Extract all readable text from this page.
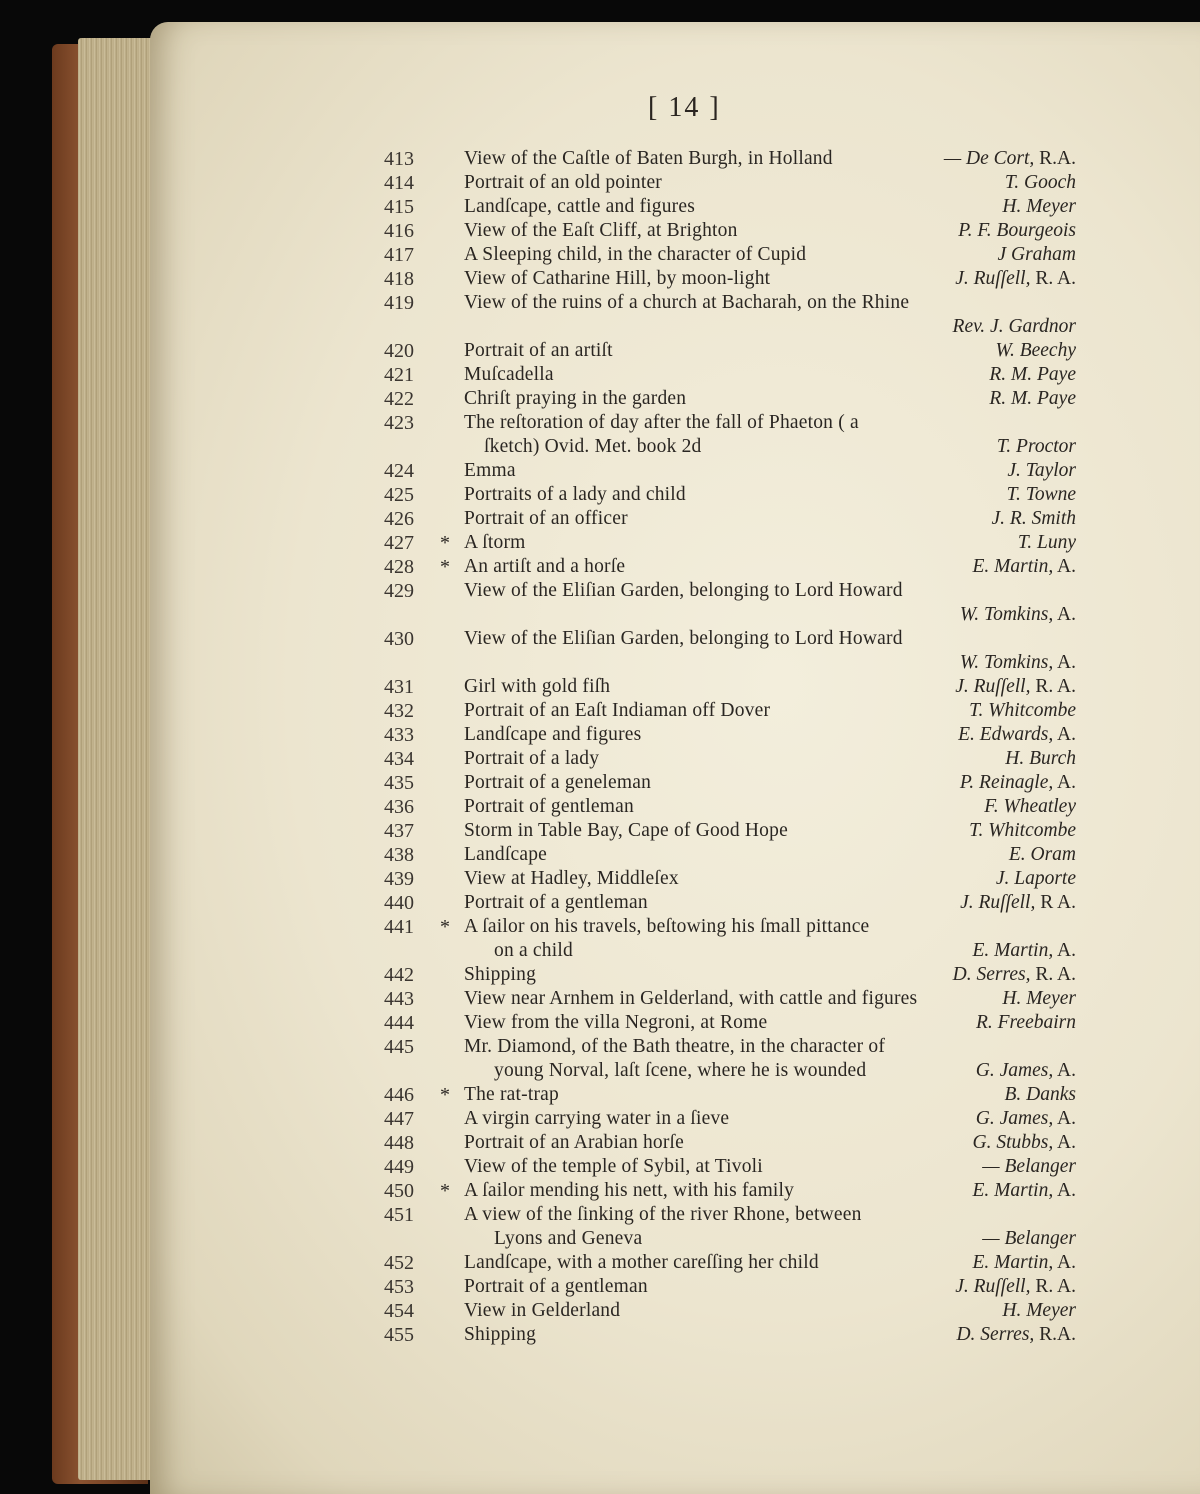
[ 14 ]
413	View of the Caſtle of Baten Burgh, in Holland	— De Cort, R.A.
414	Portrait of an old pointer	T. Gooch
415	Landſcape, cattle and figures	H. Meyer
416	View of the Eaſt Cliff, at Brighton	P. F. Bourgeois
417	A Sleeping child, in the character of Cupid	J Graham
418	View of Catharine Hill, by moon-light	J. Ruſſell, R. A.
419	View of the ruins of a church at Bacharah, on the Rhine
Rev. J. Gardnor
420	Portrait of an artiſt	W. Beechy
421	Muſcadella	R. M. Paye
422	Chriſt praying in the garden	R. M. Paye
423	The reſtoration of day after the fall of Phaeton ( a
ſketch) Ovid. Met. book 2d	T. Proctor
424	Emma	J. Taylor
425	Portraits of a lady and child	T. Towne
426	Portrait of an officer	J. R. Smith
427	* A ſtorm	T. Luny
428	* An artiſt and a horſe	E. Martin, A.
429	View of the Eliſian Garden, belonging to Lord Howard
W. Tomkins, A.
430	View of the Eliſian Garden, belonging to Lord Howard
W. Tomkins, A.
431	Girl with gold fiſh	J. Ruſſell, R. A.
432	Portrait of an Eaſt Indiaman off Dover	T. Whitcombe
433	Landſcape and figures	E. Edwards, A.
434	Portrait of a lady	H. Burch
435	Portrait of a geneleman	P. Reinagle, A.
436	Portrait of gentleman	F. Wheatley
437	Storm in Table Bay, Cape of Good Hope	T. Whitcombe
438	Landſcape	E. Oram
439	View at Hadley, Middleſex	J. Laporte
440	Portrait of a gentleman	J. Ruſſell, R A.
441	* A ſailor on his travels, beſtowing his ſmall pittance
on a child	E. Martin, A.
442	Shipping	D. Serres, R. A.
443	View near Arnhem in Gelderland, with cattle and figures	H. Meyer
444	View from the villa Negroni, at Rome	R. Freebairn
445	Mr. Diamond, of the Bath theatre, in the character of
young Norval, laſt ſcene, where he is wounded	G. James, A.
446	* The rat-trap	B. Danks
447	A virgin carrying water in a ſieve	G. James, A.
448	Portrait of an Arabian horſe	G. Stubbs, A.
449	View of the temple of Sybil, at Tivoli	— Belanger
450	* A ſailor mending his nett, with his family	E. Martin, A.
451	A view of the ſinking of the river Rhone, between
Lyons and Geneva	— Belanger
452	Landſcape, with a mother careſſing her child	E. Martin, A.
453	Portrait of a gentleman	J. Ruſſell, R. A.
454	View in Gelderland	H. Meyer
455	Shipping	D. Serres, R.A.
